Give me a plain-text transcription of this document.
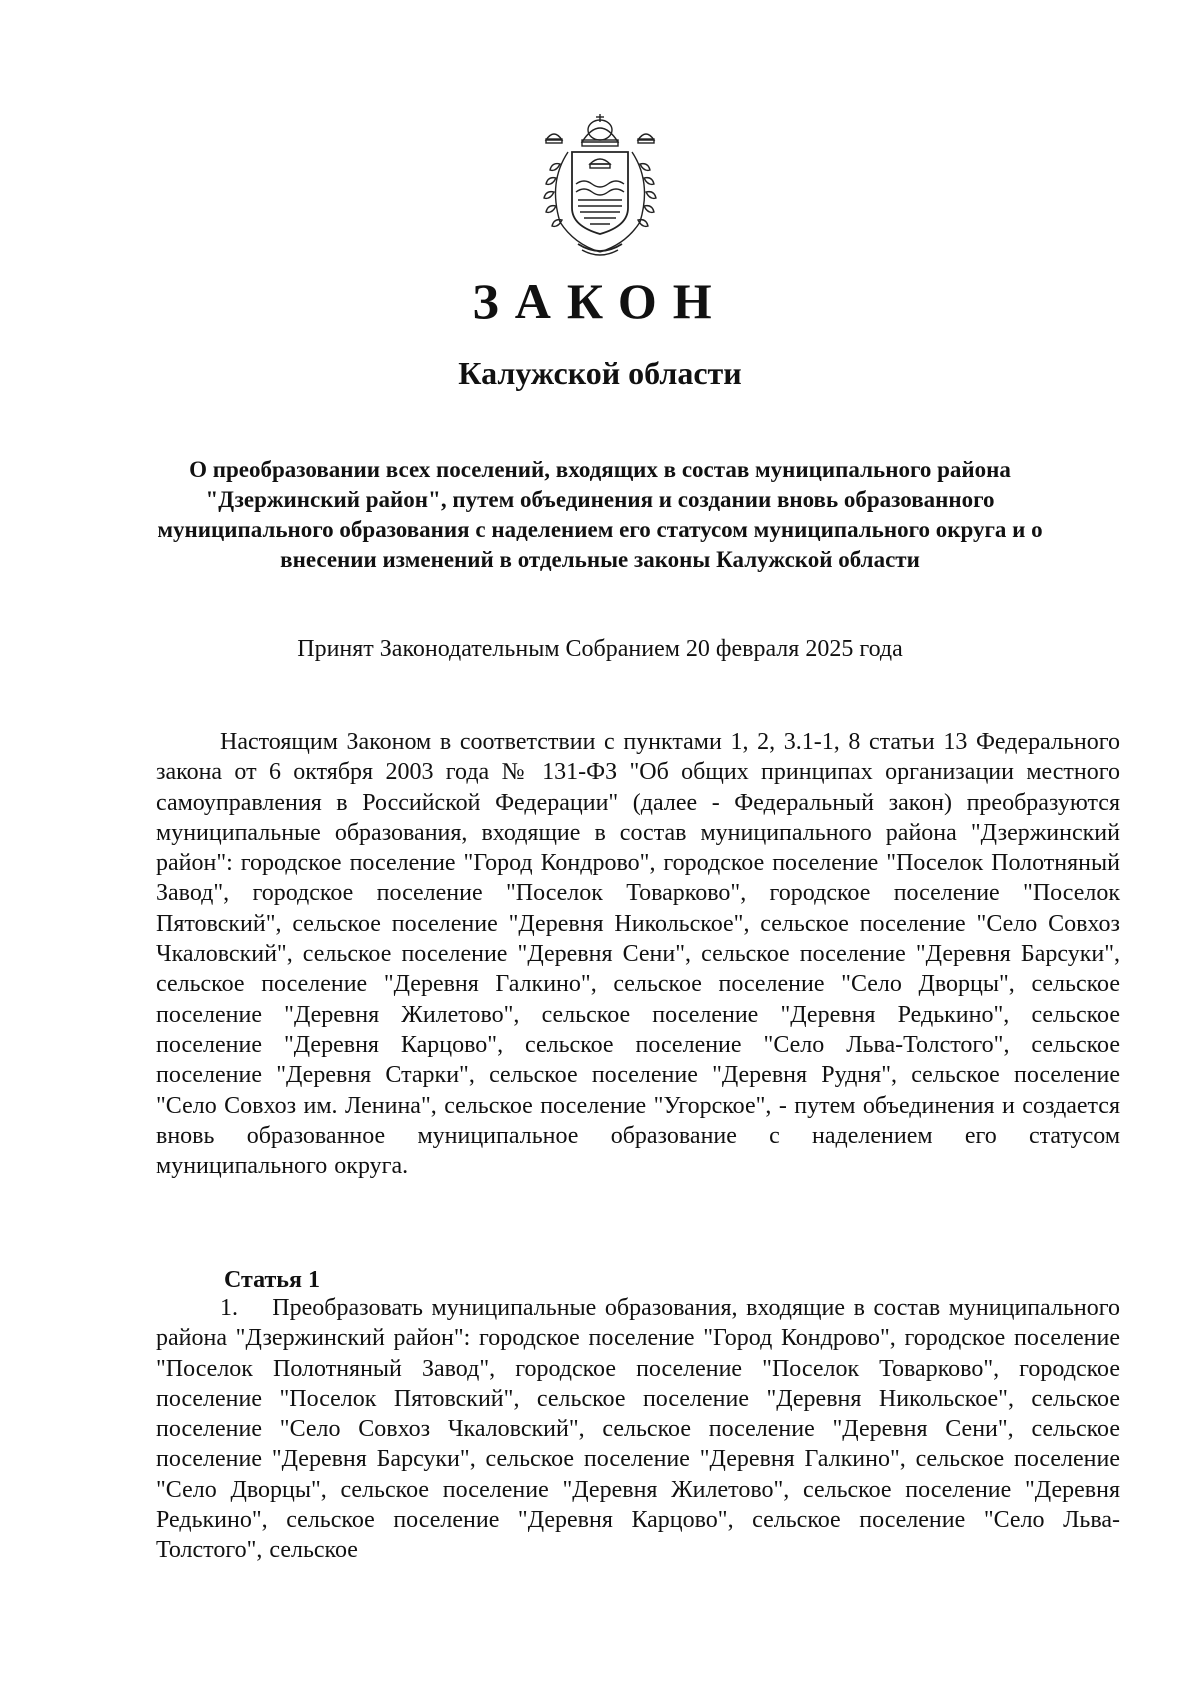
ЗАКОН
Калужской области
О преобразовании всех поселений, входящих в состав муниципального района "Дзержинский район", путем объединения и создании вновь образованного муниципального образования с наделением его статусом муниципального округа и о внесении изменений в отдельные законы Калужской области
Принят Законодательным Собранием 20 февраля 2025 года
Настоящим Законом в соответствии с пунктами 1, 2, 3.1-1, 8 статьи 13 Федерального закона от 6 октября 2003 года № 131-ФЗ "Об общих принципах организации местного самоуправления в Российской Федерации" (далее - Федеральный закон) преобразуются муниципальные образования, входящие в состав муниципального района "Дзержинский район": городское поселение "Город Кондрово", городское поселение "Поселок Полотняный Завод", городское поселение "Поселок Товарково", городское поселение "Поселок Пятовский", сельское поселение "Деревня Никольское", сельское поселение "Село Совхоз Чкаловский", сельское поселение "Деревня Сени", сельское поселение "Деревня Барсуки", сельское поселение "Деревня Галкино", сельское поселение "Село Дворцы", сельское поселение "Деревня Жилетово", сельское поселение "Деревня Редькино", сельское поселение "Деревня Карцово", сельское поселение "Село Льва-Толстого", сельское поселение "Деревня Старки", сельское поселение "Деревня Рудня", сельское поселение "Село Совхоз им. Ленина", сельское поселение "Угорское", - путем объединения и создается вновь образованное муниципальное образование с наделением его статусом муниципального округа.
Статья 1
1. Преобразовать муниципальные образования, входящие в состав муниципального района "Дзержинский район": городское поселение "Город Кондрово", городское поселение "Поселок Полотняный Завод", городское поселение "Поселок Товарково", городское поселение "Поселок Пятовский", сельское поселение "Деревня Никольское", сельское поселение "Село Совхоз Чкаловский", сельское поселение "Деревня Сени", сельское поселение "Деревня Барсуки", сельское поселение "Деревня Галкино", сельское поселение "Село Дворцы", сельское поселение "Деревня Жилетово", сельское поселение "Деревня Редькино", сельское поселение "Деревня Карцово", сельское поселение "Село Льва-Толстого", сельское
